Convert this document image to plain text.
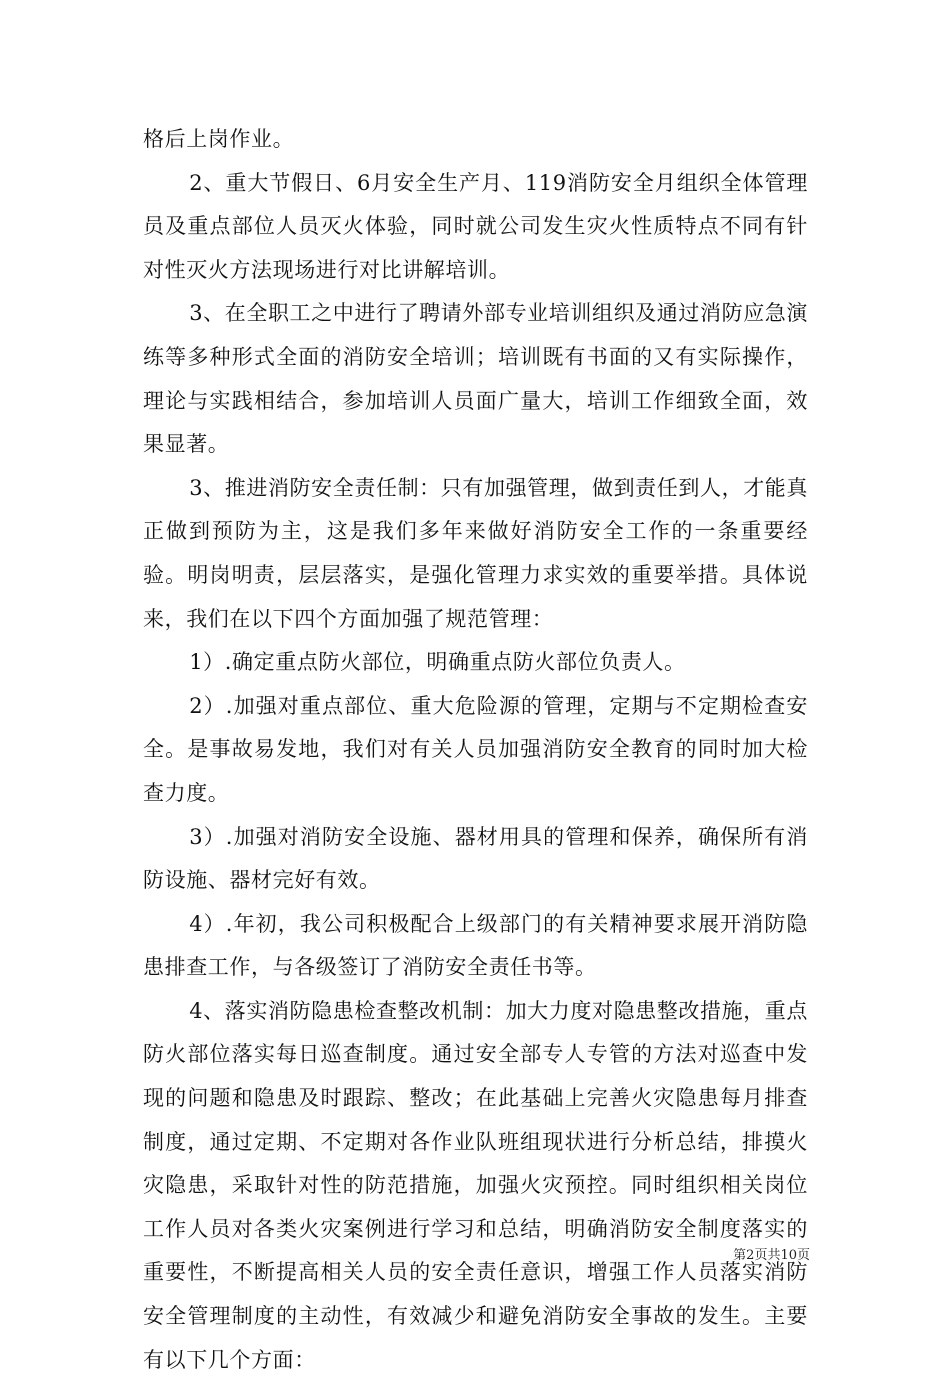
格后上岗作业。

2、重大节假日、6月安全生产月、119消防安全月组织全体管理员及重点部位人员灭火体验，同时就公司发生灾火性质特点不同有针对性灭火方法现场进行对比讲解培训。

3、在全职工之中进行了聘请外部专业培训组织及通过消防应急演练等多种形式全面的消防安全培训；培训既有书面的又有实际操作，理论与实践相结合，参加培训人员面广量大，培训工作细致全面，效果显著。

3、推进消防安全责任制：只有加强管理，做到责任到人，才能真正做到预防为主，这是我们多年来做好消防安全工作的一条重要经验。明岗明责，层层落实，是强化管理力求实效的重要举措。具体说来，我们在以下四个方面加强了规范管理：

1）.确定重点防火部位，明确重点防火部位负责人。

2）.加强对重点部位、重大危险源的管理，定期与不定期检查安全。是事故易发地，我们对有关人员加强消防安全教育的同时加大检查力度。

3）.加强对消防安全设施、器材用具的管理和保养，确保所有消防设施、器材完好有效。

4）.年初，我公司积极配合上级部门的有关精神要求展开消防隐患排查工作，与各级签订了消防安全责任书等。

4、落实消防隐患检查整改机制：加大力度对隐患整改措施，重点防火部位落实每日巡查制度。通过安全部专人专管的方法对巡查中发现的问题和隐患及时跟踪、整改；在此基础上完善火灾隐患每月排查制度，通过定期、不定期对各作业队班组现状进行分析总结，排摸火灾隐患，采取针对性的防范措施，加强火灾预控。同时组织相关岗位工作人员对各类火灾案例进行学习和总结，明确消防安全制度落实的重要性，不断提高相关人员的安全责任意识，增强工作人员落实消防安全管理制度的主动性，有效减少和避免消防安全事故的发生。主要有以下几个方面：

第2页共10页
